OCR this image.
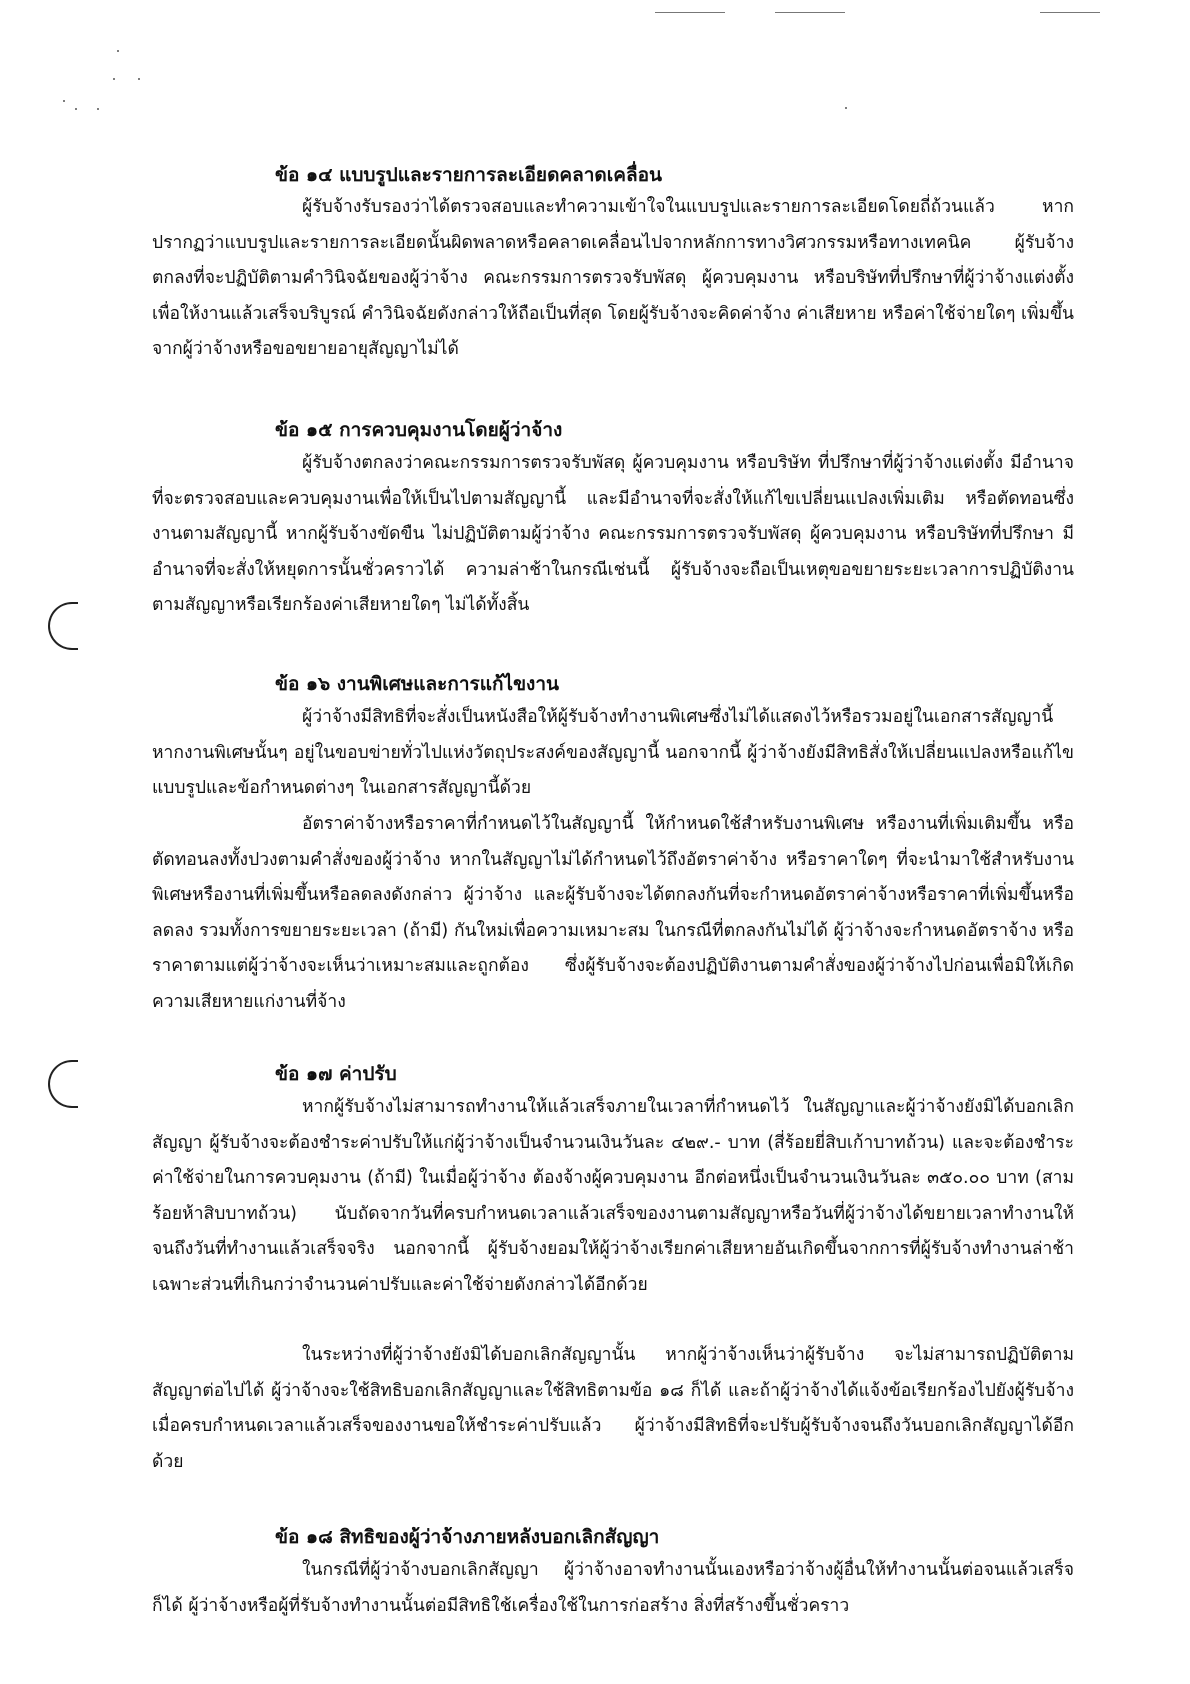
ข้อ ๑๔ แบบรูปและรายการละเอียดคลาดเคลื่อน

ผู้รับจ้างรับรองว่าได้ตรวจสอบและทำความเข้าใจในแบบรูปและรายการละเอียดโดยถี่ถ้วนแล้ว หากปรากฏว่าแบบรูปและรายการละเอียดนั้นผิดพลาดหรือคลาดเคลื่อนไปจากหลักการทางวิศวกรรมหรือทางเทคนิค ผู้รับจ้างตกลงที่จะปฏิบัติตามคำวินิจฉัยของผู้ว่าจ้าง คณะกรรมการตรวจรับพัสดุ ผู้ควบคุมงาน หรือบริษัทที่ปรึกษาที่ผู้ว่าจ้างแต่งตั้ง เพื่อให้งานแล้วเสร็จบริบูรณ์ คำวินิจฉัยดังกล่าวให้ถือเป็นที่สุด โดยผู้รับจ้างจะคิดค่าจ้าง ค่าเสียหาย หรือค่าใช้จ่ายใดๆ เพิ่มขึ้น จากผู้ว่าจ้างหรือขอขยายอายุสัญญาไม่ได้

ข้อ ๑๕ การควบคุมงานโดยผู้ว่าจ้าง

ผู้รับจ้างตกลงว่าคณะกรรมการตรวจรับพัสดุ ผู้ควบคุมงาน หรือบริษัท ที่ปรึกษาที่ผู้ว่าจ้างแต่งตั้ง มีอำนาจที่จะตรวจสอบและควบคุมงานเพื่อให้เป็นไปตามสัญญานี้ และมีอำนาจที่จะสั่งให้แก้ไขเปลี่ยนแปลงเพิ่มเติม หรือตัดทอนซึ่งงานตามสัญญานี้ หากผู้รับจ้างขัดขืน ไม่ปฏิบัติตามผู้ว่าจ้าง คณะกรรมการตรวจรับพัสดุ ผู้ควบคุมงาน หรือบริษัทที่ปรึกษา มีอำนาจที่จะสั่งให้หยุดการนั้นชั่วคราวได้ ความล่าช้าในกรณีเช่นนี้ ผู้รับจ้างจะถือเป็นเหตุขอขยายระยะเวลาการปฏิบัติงานตามสัญญาหรือเรียกร้องค่าเสียหายใดๆ ไม่ได้ทั้งสิ้น

ข้อ ๑๖ งานพิเศษและการแก้ไขงาน

ผู้ว่าจ้างมีสิทธิที่จะสั่งเป็นหนังสือให้ผู้รับจ้างทำงานพิเศษซึ่งไม่ได้แสดงไว้หรือรวมอยู่ในเอกสารสัญญานี้ หากงานพิเศษนั้นๆ อยู่ในขอบข่ายทั่วไปแห่งวัตถุประสงค์ของสัญญานี้ นอกจากนี้ ผู้ว่าจ้างยังมีสิทธิสั่งให้เปลี่ยนแปลงหรือแก้ไขแบบรูปและข้อกำหนดต่างๆ ในเอกสารสัญญานี้ด้วย

อัตราค่าจ้างหรือราคาที่กำหนดไว้ในสัญญานี้ ให้กำหนดใช้สำหรับงานพิเศษ หรืองานที่เพิ่มเติมขึ้น หรือตัดทอนลงทั้งปวงตามคำสั่งของผู้ว่าจ้าง หากในสัญญาไม่ได้กำหนดไว้ถึงอัตราค่าจ้าง หรือราคาใดๆ ที่จะนำมาใช้สำหรับงานพิเศษหรืองานที่เพิ่มขึ้นหรือลดลงดังกล่าว ผู้ว่าจ้าง และผู้รับจ้างจะได้ตกลงกันที่จะกำหนดอัตราค่าจ้างหรือราคาที่เพิ่มขึ้นหรือลดลง รวมทั้งการขยายระยะเวลา (ถ้ามี) กันใหม่เพื่อความเหมาะสม ในกรณีที่ตกลงกันไม่ได้ ผู้ว่าจ้างจะกำหนดอัตราจ้าง หรือราคาตามแต่ผู้ว่าจ้างจะเห็นว่าเหมาะสมและถูกต้อง ซึ่งผู้รับจ้างจะต้องปฏิบัติงานตามคำสั่งของผู้ว่าจ้างไปก่อนเพื่อมิให้เกิดความเสียหายแก่งานที่จ้าง

ข้อ ๑๗ ค่าปรับ

หากผู้รับจ้างไม่สามารถทำงานให้แล้วเสร็จภายในเวลาที่กำหนดไว้ ในสัญญาและผู้ว่าจ้างยังมิได้บอกเลิกสัญญา ผู้รับจ้างจะต้องชำระค่าปรับให้แก่ผู้ว่าจ้างเป็นจำนวนเงินวันละ ๔๒๙.- บาท (สี่ร้อยยี่สิบเก้าบาทถ้วน) และจะต้องชำระค่าใช้จ่ายในการควบคุมงาน (ถ้ามี) ในเมื่อผู้ว่าจ้าง ต้องจ้างผู้ควบคุมงาน อีกต่อหนึ่งเป็นจำนวนเงินวันละ ๓๕๐.๐๐ บาท (สามร้อยห้าสิบบาทถ้วน) นับถัดจากวันที่ครบกำหนดเวลาแล้วเสร็จของงานตามสัญญาหรือวันที่ผู้ว่าจ้างได้ขยายเวลาทำงานให้ จนถึงวันที่ทำงานแล้วเสร็จจริง นอกจากนี้ ผู้รับจ้างยอมให้ผู้ว่าจ้างเรียกค่าเสียหายอันเกิดขึ้นจากการที่ผู้รับจ้างทำงานล่าช้าเฉพาะส่วนที่เกินกว่าจำนวนค่าปรับและค่าใช้จ่ายดังกล่าวได้อีกด้วย

ในระหว่างที่ผู้ว่าจ้างยังมิได้บอกเลิกสัญญานั้น หากผู้ว่าจ้างเห็นว่าผู้รับจ้าง จะไม่สามารถปฏิบัติตามสัญญาต่อไปได้ ผู้ว่าจ้างจะใช้สิทธิบอกเลิกสัญญาและใช้สิทธิตามข้อ ๑๘ ก็ได้ และถ้าผู้ว่าจ้างได้แจ้งข้อเรียกร้องไปยังผู้รับจ้างเมื่อครบกำหนดเวลาแล้วเสร็จของงานขอให้ชำระค่าปรับแล้ว ผู้ว่าจ้างมีสิทธิที่จะปรับผู้รับจ้างจนถึงวันบอกเลิกสัญญาได้อีกด้วย

ข้อ ๑๘ สิทธิของผู้ว่าจ้างภายหลังบอกเลิกสัญญา

ในกรณีที่ผู้ว่าจ้างบอกเลิกสัญญา ผู้ว่าจ้างอาจทำงานนั้นเองหรือว่าจ้างผู้อื่นให้ทำงานนั้นต่อจนแล้วเสร็จก็ได้ ผู้ว่าจ้างหรือผู้ที่รับจ้างทำงานนั้นต่อมีสิทธิใช้เครื่องใช้ในการก่อสร้าง สิ่งที่สร้างขึ้นชั่วคราว
